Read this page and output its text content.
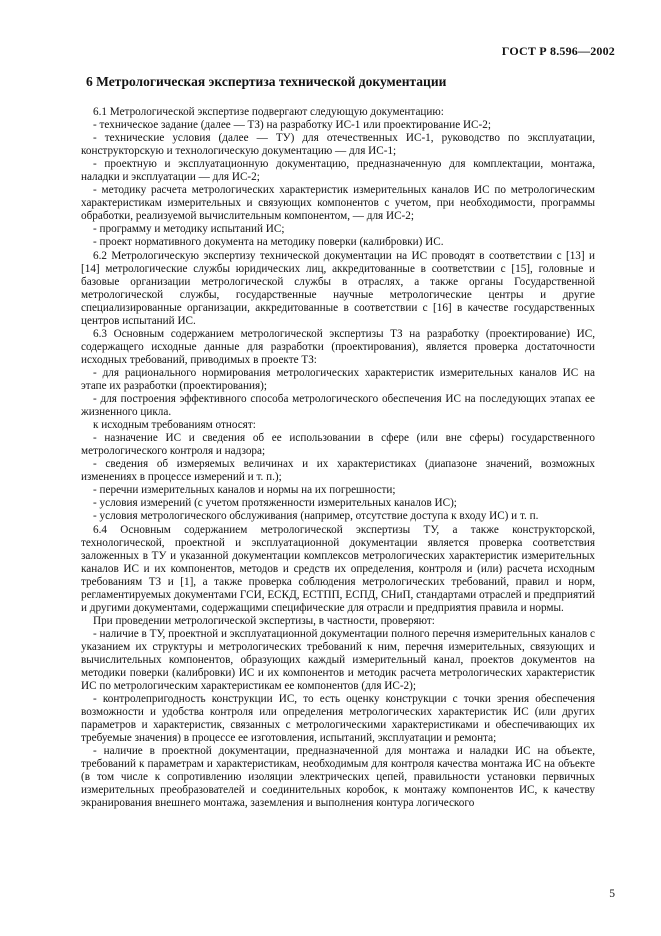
ГОСТ Р 8.596—2002
6 Метрологическая экспертиза технической документации

6.1 Метрологической экспертизе подвергают следующую документацию:

- техническое задание (далее — ТЗ) на разработку ИС-1 или проектирование ИС-2;

- технические условия (далее — ТУ) для отечественных ИС-1, руководство по эксплуатации, конструкторскую и технологическую документацию — для ИС-1;

- проектную и эксплуатационную документацию, предназначенную для комплектации, монтажа, наладки и эксплуатации — для ИС-2;

- методику расчета метрологических характеристик измерительных каналов ИС по метрологическим характеристикам измерительных и связующих компонентов с учетом, при необходимости, программы обработки, реализуемой вычислительным компонентом, — для ИС-2;

- программу и методику испытаний ИС;

- проект нормативного документа на методику поверки (калибровки) ИС.

6.2 Метрологическую экспертизу технической документации на ИС проводят в соответствии с [13] и [14] метрологические службы юридических лиц, аккредитованные в соответствии с [15], головные и базовые организации метрологической службы в отраслях, а также органы Государственной метрологической службы, государственные научные метрологические центры и другие специализированные организации, аккредитованные в соответствии с [16] в качестве государственных центров испытаний ИС.

6.3 Основным содержанием метрологической экспертизы ТЗ на разработку (проектирование) ИС, содержащего исходные данные для разработки (проектирования), является проверка достаточности исходных требований, приводимых в проекте ТЗ:

- для рационального нормирования метрологических характеристик измерительных каналов ИС на этапе их разработки (проектирования);

- для построения эффективного способа метрологического обеспечения ИС на последующих этапах ее жизненного цикла.

к исходным требованиям относят:

- назначение ИС и сведения об ее использовании в сфере (или вне сферы) государственного метрологического контроля и надзора;

- сведения об измеряемых величинах и их характеристиках (диапазоне значений, возможных изменениях в процессе измерений и т. п.);

- перечни измерительных каналов и нормы на их погрешности;

- условия измерений (с учетом протяженности измерительных каналов ИС);

- условия метрологического обслуживания (например, отсутствие доступа к входу ИС) и т. п.

6.4 Основным содержанием метрологической экспертизы ТУ, а также конструкторской, технологической, проектной и эксплуатационной документации является проверка соответствия заложенных в ТУ и указанной документации комплексов метрологических характеристик измерительных каналов ИС и их компонентов, методов и средств их определения, контроля и (или) расчета исходным требованиям ТЗ и [1], а также проверка соблюдения метрологических требований, правил и норм, регламентируемых документами ГСИ, ЕСКД, ЕСТПП, ЕСПД, СНиП, стандартами отраслей и предприятий и другими документами, содержащими специфические для отрасли и предприятия правила и нормы.

При проведении метрологической экспертизы, в частности, проверяют:

- наличие в ТУ, проектной и эксплуатационной документации полного перечня измерительных каналов с указанием их структуры и метрологических требований к ним, перечня измерительных, связующих и вычислительных компонентов, образующих каждый измерительный канал, проектов документов на методики поверки (калибровки) ИС и их компонентов и методик расчета метрологических характеристик ИС по метрологическим характеристикам ее компонентов (для ИС-2);

- контролепригодность конструкции ИС, то есть оценку конструкции с точки зрения обеспечения возможности и удобства контроля или определения метрологических характеристик ИС (или других параметров и характеристик, связанных с метрологическими характеристиками и обеспечивающих их требуемые значения) в процессе ее изготовления, испытаний, эксплуатации и ремонта;

- наличие в проектной документации, предназначенной для монтажа и наладки ИС на объекте, требований к параметрам и характеристикам, необходимым для контроля качества монтажа ИС на объекте (в том числе к сопротивлению изоляции электрических цепей, правильности установки первичных измерительных преобразователей и соединительных коробок, к монтажу компонентов ИС, к качеству экранирования внешнего монтажа, заземления и выполнения контура логического

5
